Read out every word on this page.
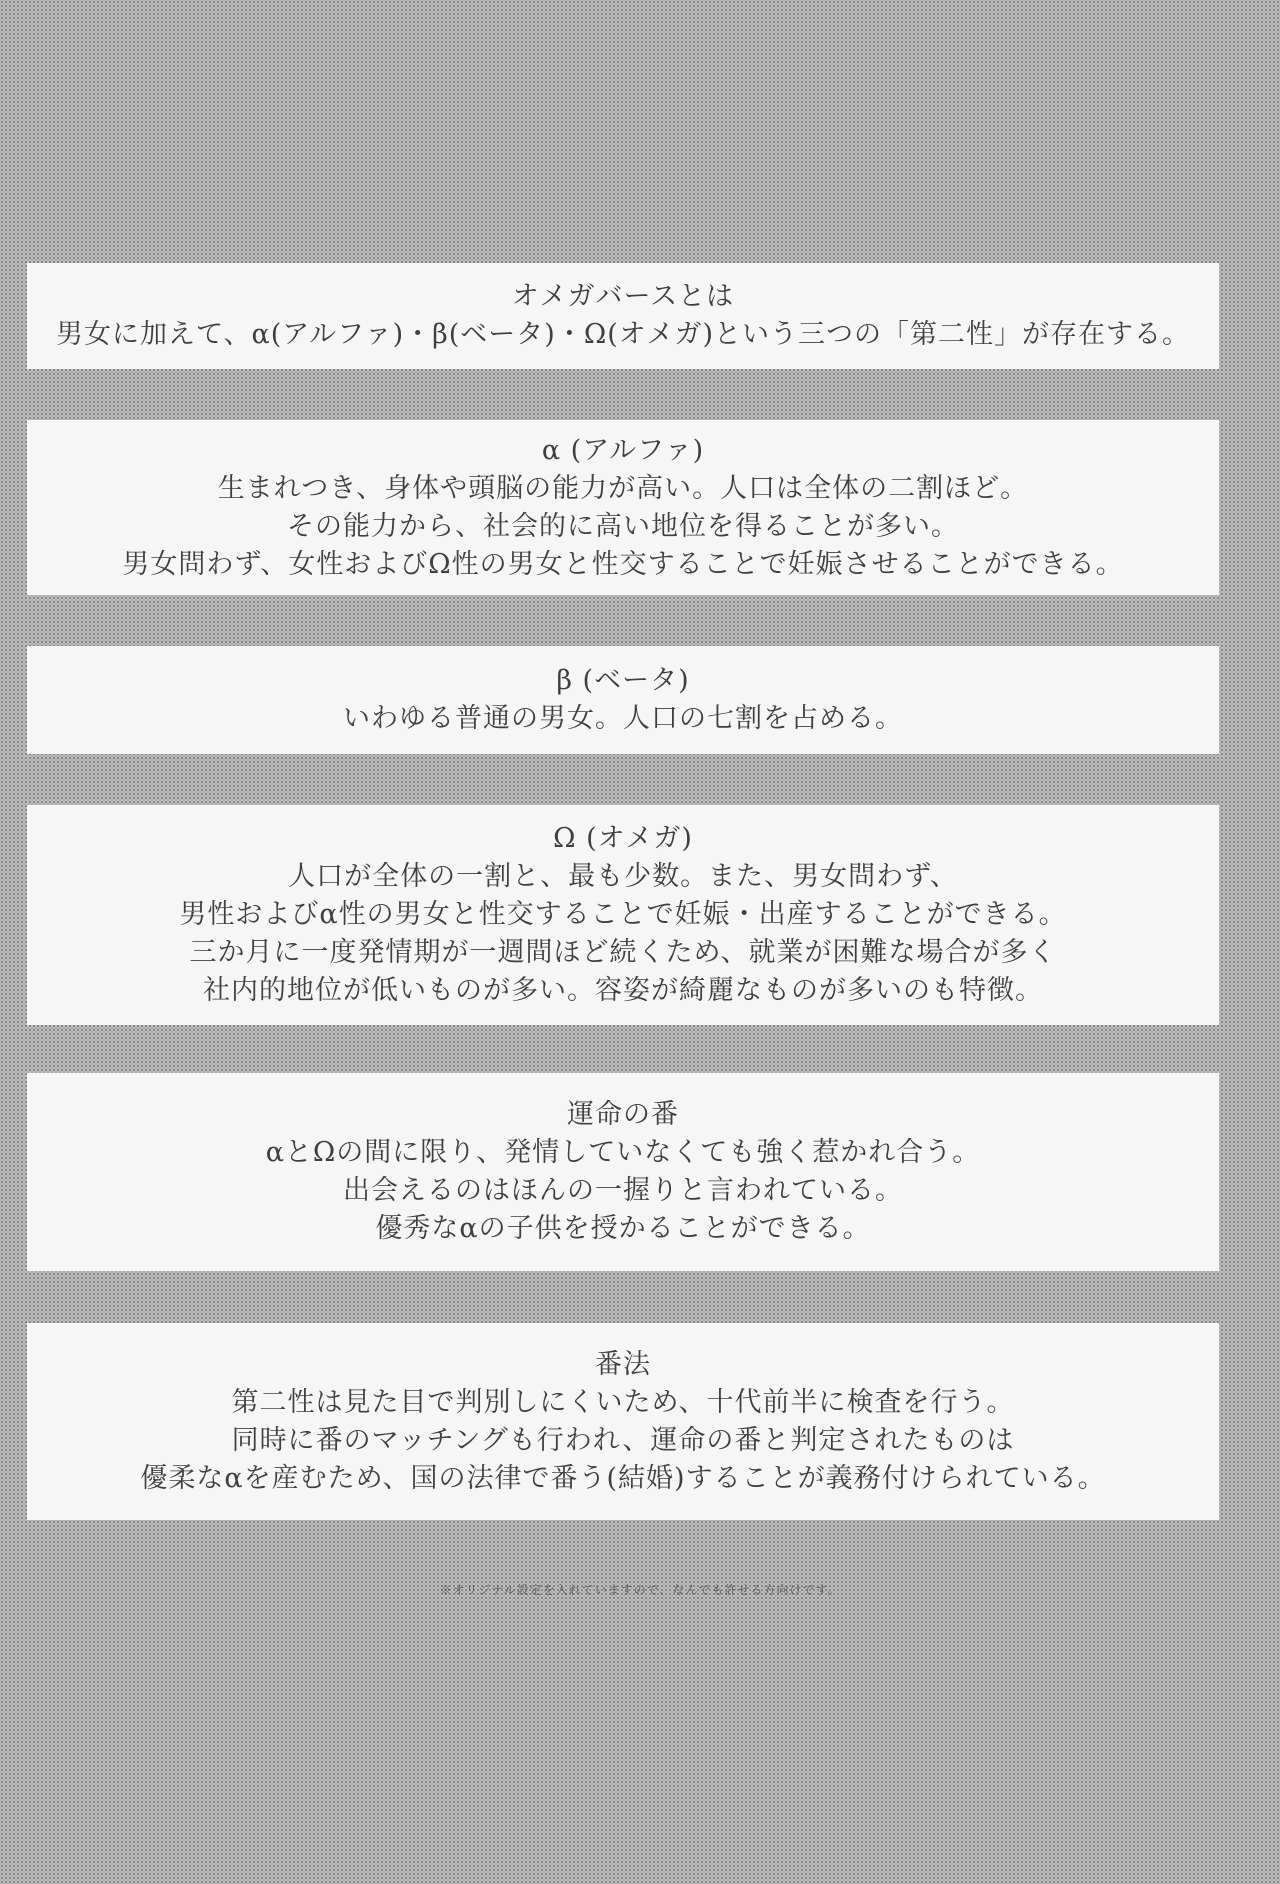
オメガバースとは

男女に加えて、α(アルファ)・β(ベータ)・Ω(オメガ)という三つの「第二性」が存在する。

α (アルファ)

生まれつき、身体や頭脳の能力が高い。人口は全体の二割ほど。

その能力から、社会的に高い地位を得ることが多い。

男女問わず、女性およびΩ性の男女と性交することで妊娠させることができる。

β (ベータ)

いわゆる普通の男女。人口の七割を占める。

Ω (オメガ)

人口が全体の一割と、最も少数。また、男女問わず、

男性およびα性の男女と性交することで妊娠・出産することができる。

三か月に一度発情期が一週間ほど続くため、就業が困難な場合が多く

社内的地位が低いものが多い。容姿が綺麗なものが多いのも特徴。

運命の番

αとΩの間に限り、発情していなくても強く惹かれ合う。

出会えるのはほんの一握りと言われている。

優秀なαの子供を授かることができる。

番法

第二性は見た目で判別しにくいため、十代前半に検査を行う。

同時に番のマッチングも行われ、運命の番と判定されたものは

優柔なαを産むため、国の法律で番う(結婚)することが義務付けられている。

※オリジナル設定を入れていますので、なんでも許せる方向けです。
